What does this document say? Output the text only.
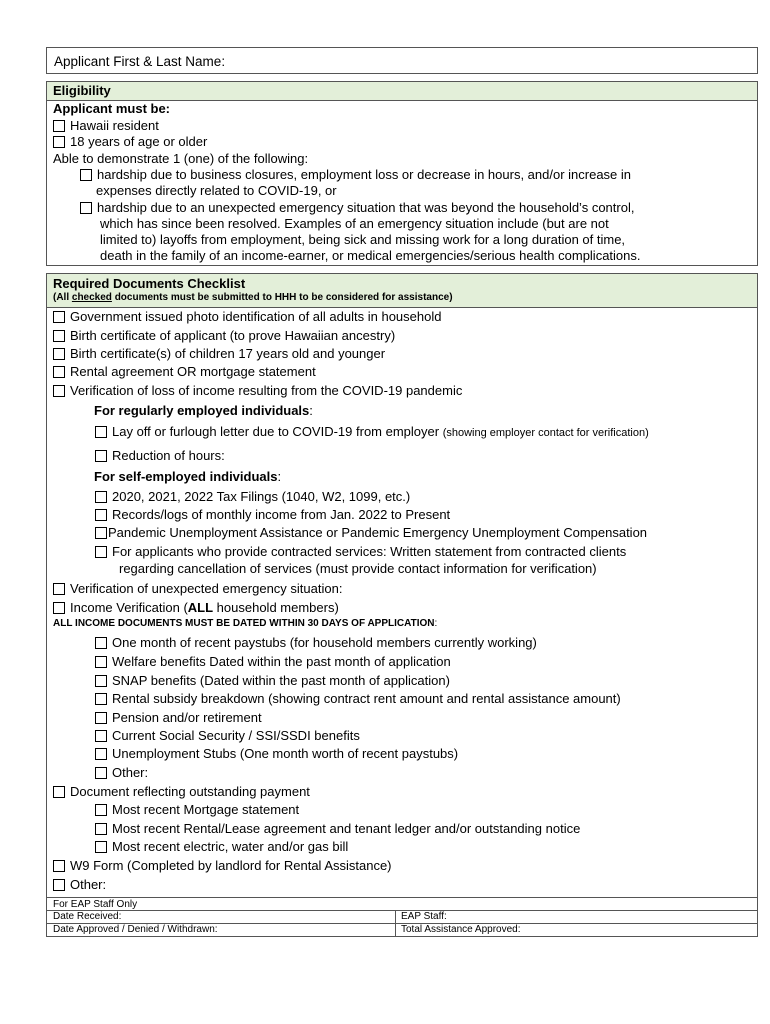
Applicant First & Last Name:
Eligibility
Applicant must be:
Hawaii resident
18 years of age or older
Able to demonstrate 1 (one) of the following:
hardship due to business closures, employment loss or decrease in hours, and/or increase in
expenses directly related to COVID-19, or
hardship due to an unexpected emergency situation that was beyond the household’s control,
which has since been resolved. Examples of an emergency situation include (but are not
limited to) layoffs from employment, being sick and missing work for a long duration of time,
death in the family of an income-earner, or medical emergencies/serious health complications.
Required Documents Checklist
(All checked documents must be submitted to HHH to be considered for assistance)
Government issued photo identification of all adults in household
Birth certificate of applicant (to prove Hawaiian ancestry)
Birth certificate(s) of children 17 years old and younger
Rental agreement OR mortgage statement
Verification of loss of income resulting from the COVID-19 pandemic
For regularly employed individuals:
Lay off or furlough letter due to COVID-19 from employer (showing employer contact for verification)
Reduction of hours:
For self-employed individuals:
2020, 2021, 2022 Tax Filings (1040, W2, 1099, etc.)
Records/logs of monthly income from Jan. 2022 to Present
Pandemic Unemployment Assistance or Pandemic Emergency Unemployment Compensation
For applicants who provide contracted services: Written statement from contracted clients
regarding cancellation of services (must provide contact information for verification)
Verification of unexpected emergency situation:
Income Verification (ALL household members)
ALL INCOME DOCUMENTS MUST BE DATED WITHIN 30 DAYS OF APPLICATION:
One month of recent paystubs (for household members currently working)
Welfare benefits Dated within the past month of application
SNAP benefits (Dated within the past month of application)
Rental subsidy breakdown (showing contract rent amount and rental assistance amount)
Pension and/or retirement
Current Social Security / SSI/SSDI benefits
Unemployment Stubs (One month worth of recent paystubs)
Other:
Document reflecting outstanding payment
Most recent Mortgage statement
Most recent Rental/Lease agreement and tenant ledger and/or outstanding notice
Most recent electric, water and/or gas bill
W9 Form (Completed by landlord for Rental Assistance)
Other:
For EAP Staff Only
Date Received:	EAP Staff:
Date Approved / Denied / Withdrawn:	Total Assistance Approved:
